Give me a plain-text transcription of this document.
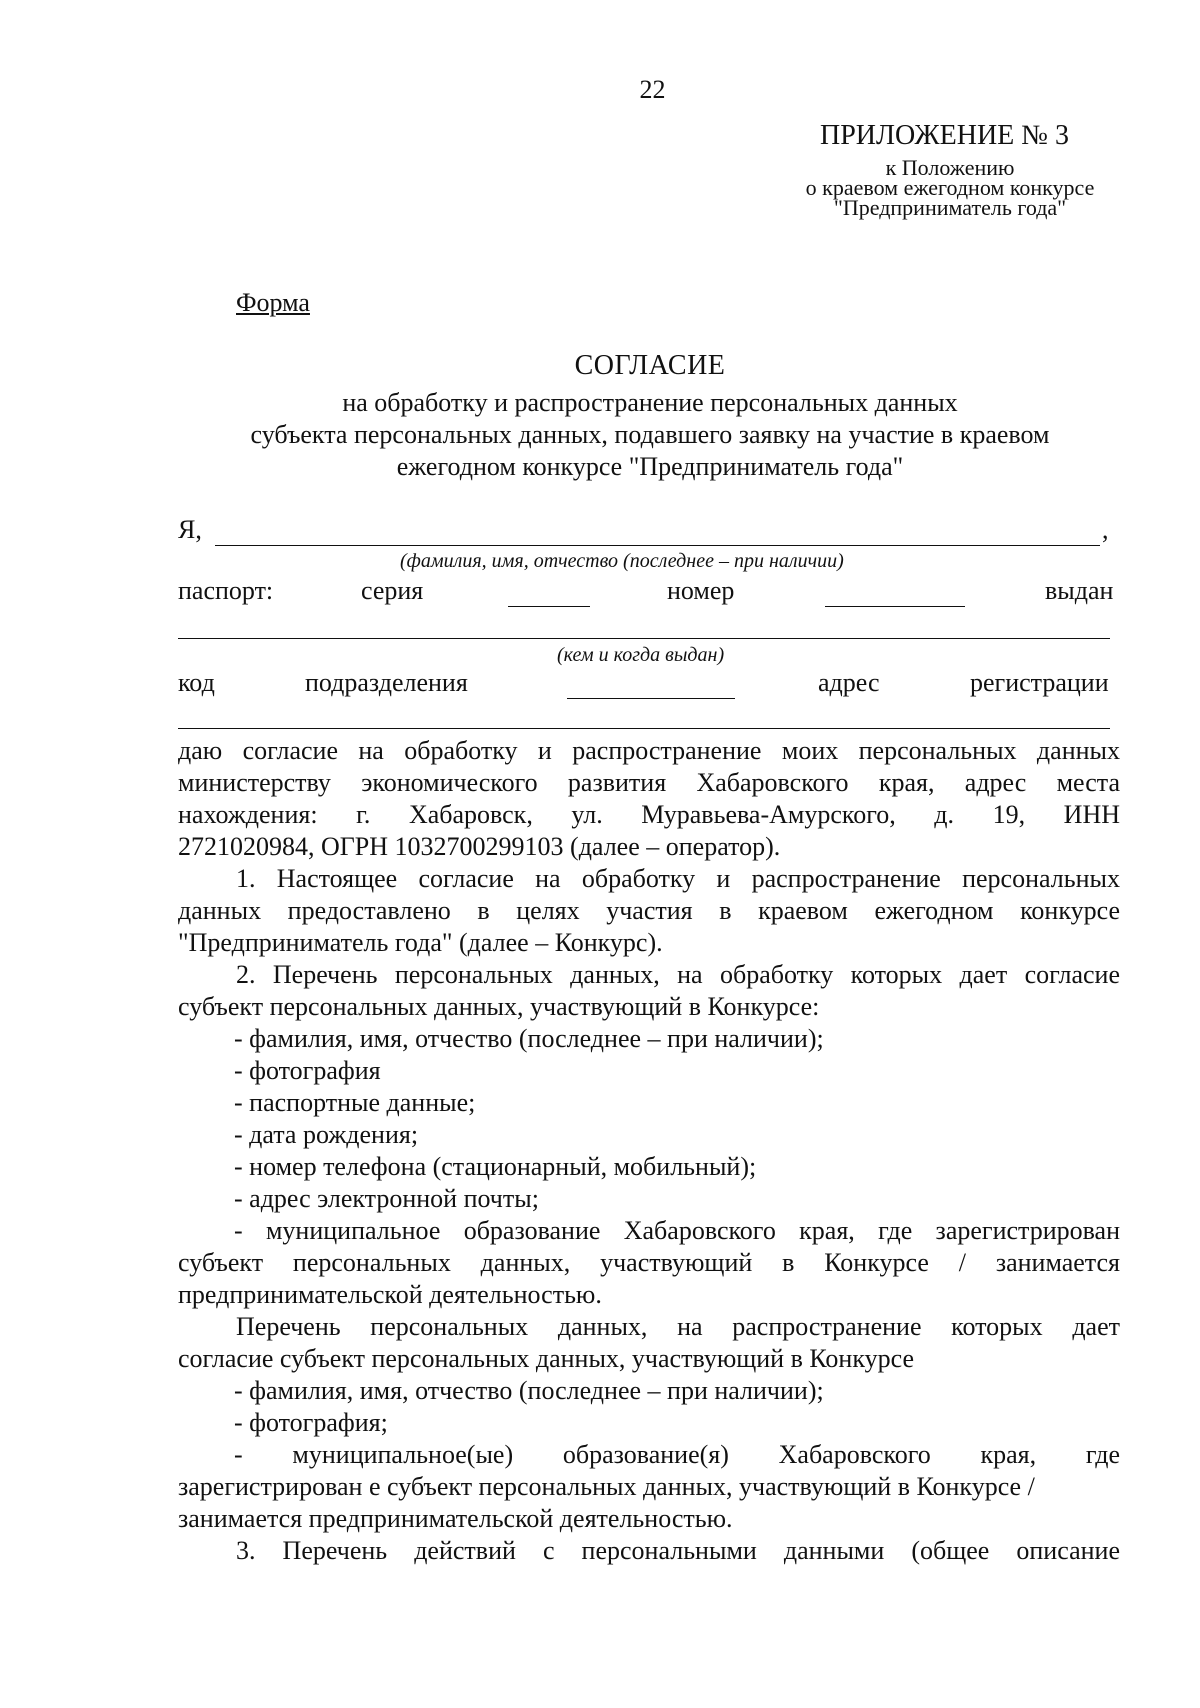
22
ПРИЛОЖЕНИЕ № 3
к Положению
о краевом ежегодном конкурсе
"Предприниматель года"
Форма
СОГЛАСИЕ
на обработку и распространение персональных данных
субъекта персональных данных, подавшего заявку на участие в краевом
ежегодном конкурсе "Предприниматель года"
Я,	,
(фамилия, имя, отчество (последнее – при наличии)
паспорт:	серия	номер	выдан
(кем и когда выдан)
код	подразделения	адрес	регистрации
даю согласие на обработку и распространение моих персональных данных
министерству экономического развития Хабаровского края, адрес места
нахождения: г. Хабаровск, ул. Муравьева-Амурского, д. 19, ИНН
2721020984, ОГРН 1032700299103 (далее – оператор).
1. Настоящее согласие на обработку и распространение персональных
данных предоставлено в целях участия в краевом ежегодном конкурсе
"Предприниматель года" (далее – Конкурс).
2. Перечень персональных данных, на обработку которых дает согласие
субъект персональных данных, участвующий в Конкурсе:
- фамилия, имя, отчество (последнее – при наличии);
- фотография
- паспортные данные;
- дата рождения;
- номер телефона (стационарный, мобильный);
- адрес электронной почты;
- муниципальное образование Хабаровского края, где зарегистрирован
субъект персональных данных, участвующий в Конкурсе / занимается
предпринимательской деятельностью.
Перечень персональных данных, на распространение которых дает
согласие субъект персональных данных, участвующий в Конкурсе
- фамилия, имя, отчество (последнее – при наличии);
- фотография;
- муниципальное(ые) образование(я) Хабаровского края, где
зарегистрирован е субъект персональных данных, участвующий в Конкурсе /
занимается предпринимательской деятельностью.
3. Перечень действий с персональными данными (общее описание
